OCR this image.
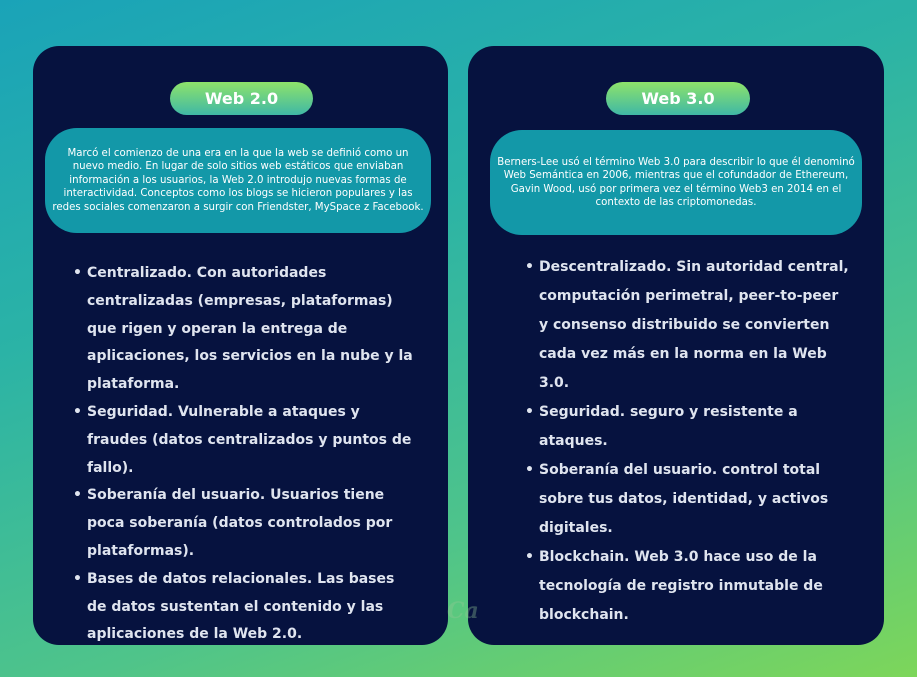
Web 2.0
Marcó el comienzo de una era en la que la web se definió como un nuevo medio. En lugar de solo sitios web estáticos que enviaban información a los usuarios, la Web 2.0 introdujo nuevas formas de interactividad. Conceptos como los blogs se hicieron populares y las redes sociales comenzaron a surgir con Friendster, MySpace z Facebook.
• Centralizado. Con autoridades centralizadas (empresas, plataformas) que rigen y operan la entrega de aplicaciones, los servicios en la nube y la plataforma.
• Seguridad. Vulnerable a ataques y fraudes (datos centralizados y puntos de fallo).
• Soberanía del usuario. Usuarios tiene poca soberanía (datos controlados por plataformas).
• Bases de datos relacionales. Las bases de datos sustentan el contenido y las aplicaciones de la Web 2.0.
Web 3.0
Berners-Lee usó el término Web 3.0 para describir lo que él denominó Web Semántica en 2006, mientras que el cofundador de Ethereum, Gavin Wood, usó por primera vez el término Web3 en 2014 en el contexto de las criptomonedas.
• Descentralizado. Sin autoridad central, computación perimetral, peer-to-peer y consenso distribuido se convierten cada vez más en la norma en la Web 3.0.
• Seguridad. seguro y resistente a ataques.
• Soberanía del usuario. control total sobre tus datos, identidad, y activos digitales.
• Blockchain. Web 3.0 hace uso de la tecnología de registro inmutable de blockchain.
Ca
